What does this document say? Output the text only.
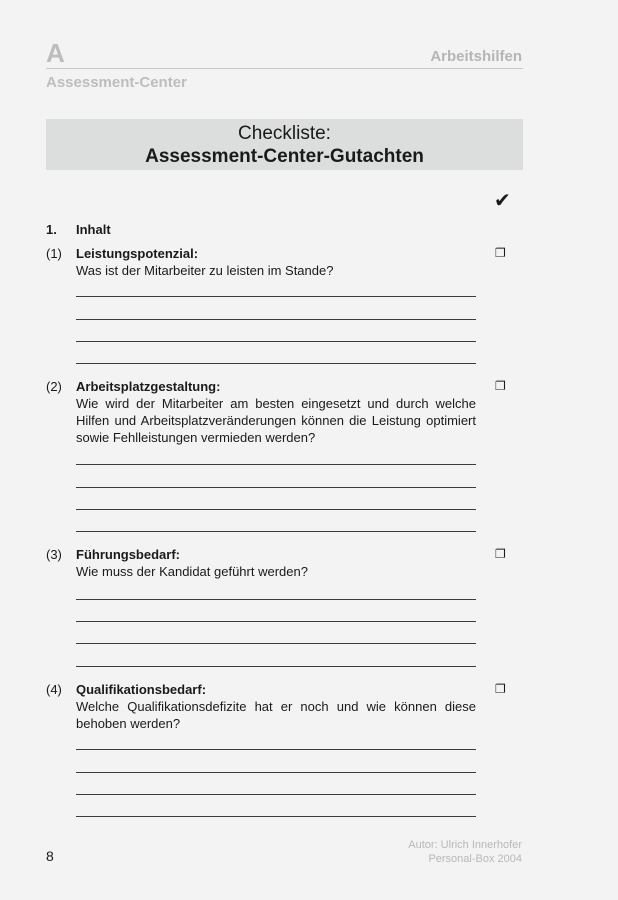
A	Arbeitshilfen
Assessment-Center
Checkliste:
Assessment-Center-Gutachten
✔
1. Inhalt
(1) Leistungspotenzial:
Was ist der Mitarbeiter zu leisten im Stande?
❐
(2) Arbeitsplatzgestaltung:
Wie wird der Mitarbeiter am besten eingesetzt und durch welche Hilfen und Arbeitsplatzveränderungen können die Leistung optimiert sowie Fehlleistungen vermieden werden?
❐
(3) Führungsbedarf:
Wie muss der Kandidat geführt werden?
❐
(4) Qualifikationsbedarf:
Welche Qualifikationsdefizite hat er noch und wie können diese behoben werden?
❐
8
Autor: Ulrich Innerhofer
Personal-Box 2004
